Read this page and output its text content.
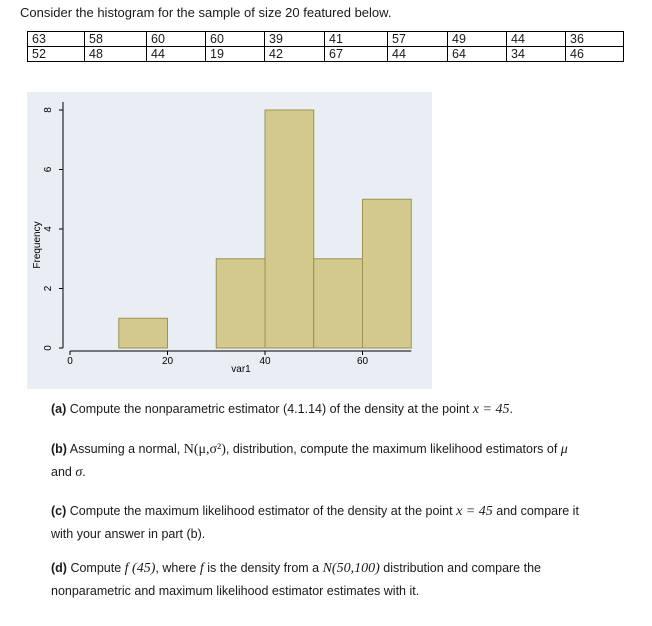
Consider the histogram for the sample of size 20 featured below.
63	58	60	60	39	41	57	49	44	36
52	48	44	19	42	67	44	64	34	46
0	20	40	60
0
2
4
6
8
var1
Frequency
(a) Compute the nonparametric estimator (4.1.14) of the density at the point x = 45.
(b) Assuming a normal, N(μ,σ²), distribution, compute the maximum likelihood estimators of μ
and σ.
(c) Compute the maximum likelihood estimator of the density at the point x = 45 and compare it
with your answer in part (b).
(d) Compute f (45), where f is the density from a N(50,100) distribution and compare the
nonparametric and maximum likelihood estimator estimates with it.
